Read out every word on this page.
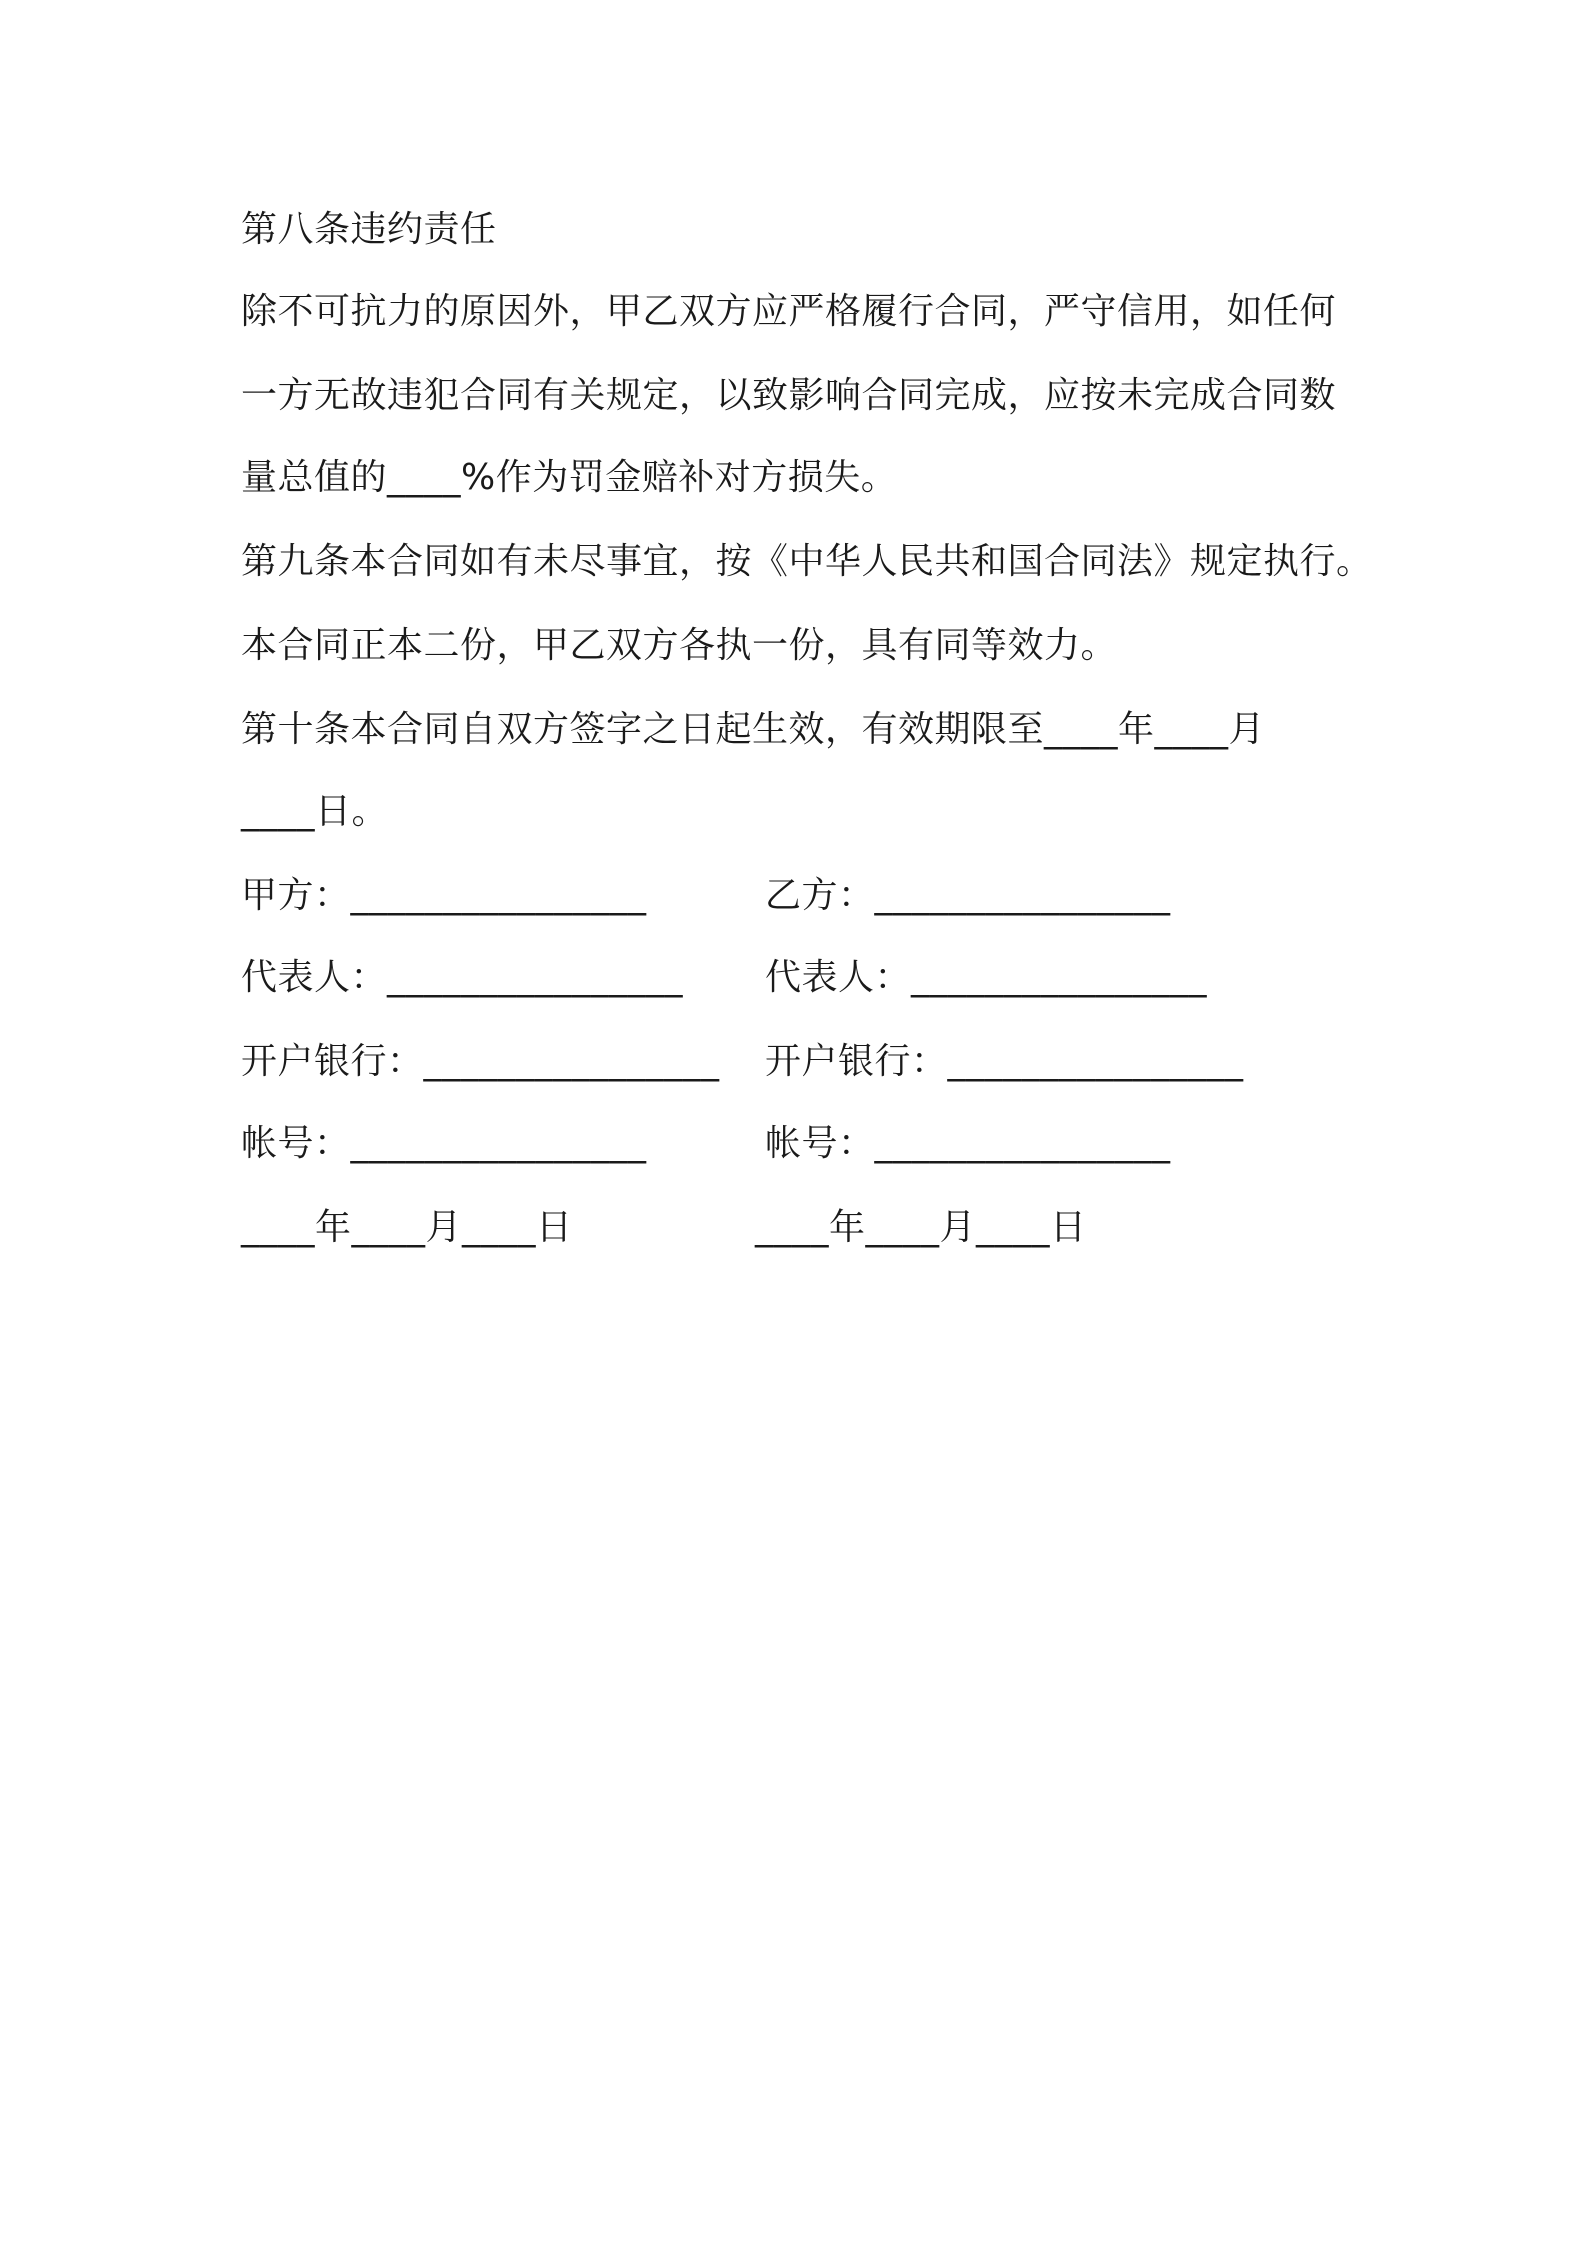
第八条违约责任
除不可抗力的原因外，甲乙双方应严格履行合同，严守信用，如任何
一方无故违犯合同有关规定，以致影响合同完成，应按未完成合同数
量总值的____%作为罚金赔补对方损失。
第九条本合同如有未尽事宜，按《中华人民共和国合同法》规定执行。
本合同正本二份，甲乙双方各执一份，具有同等效力。
第十条本合同自双方签字之日起生效，有效期限至____年____月
____日。
甲方：________________	乙方：________________
代表人：________________ 代表人：________________
开户银行：________________ 开户银行：________________
帐号：________________	帐号：________________
____年____月____日	____年____月____日
